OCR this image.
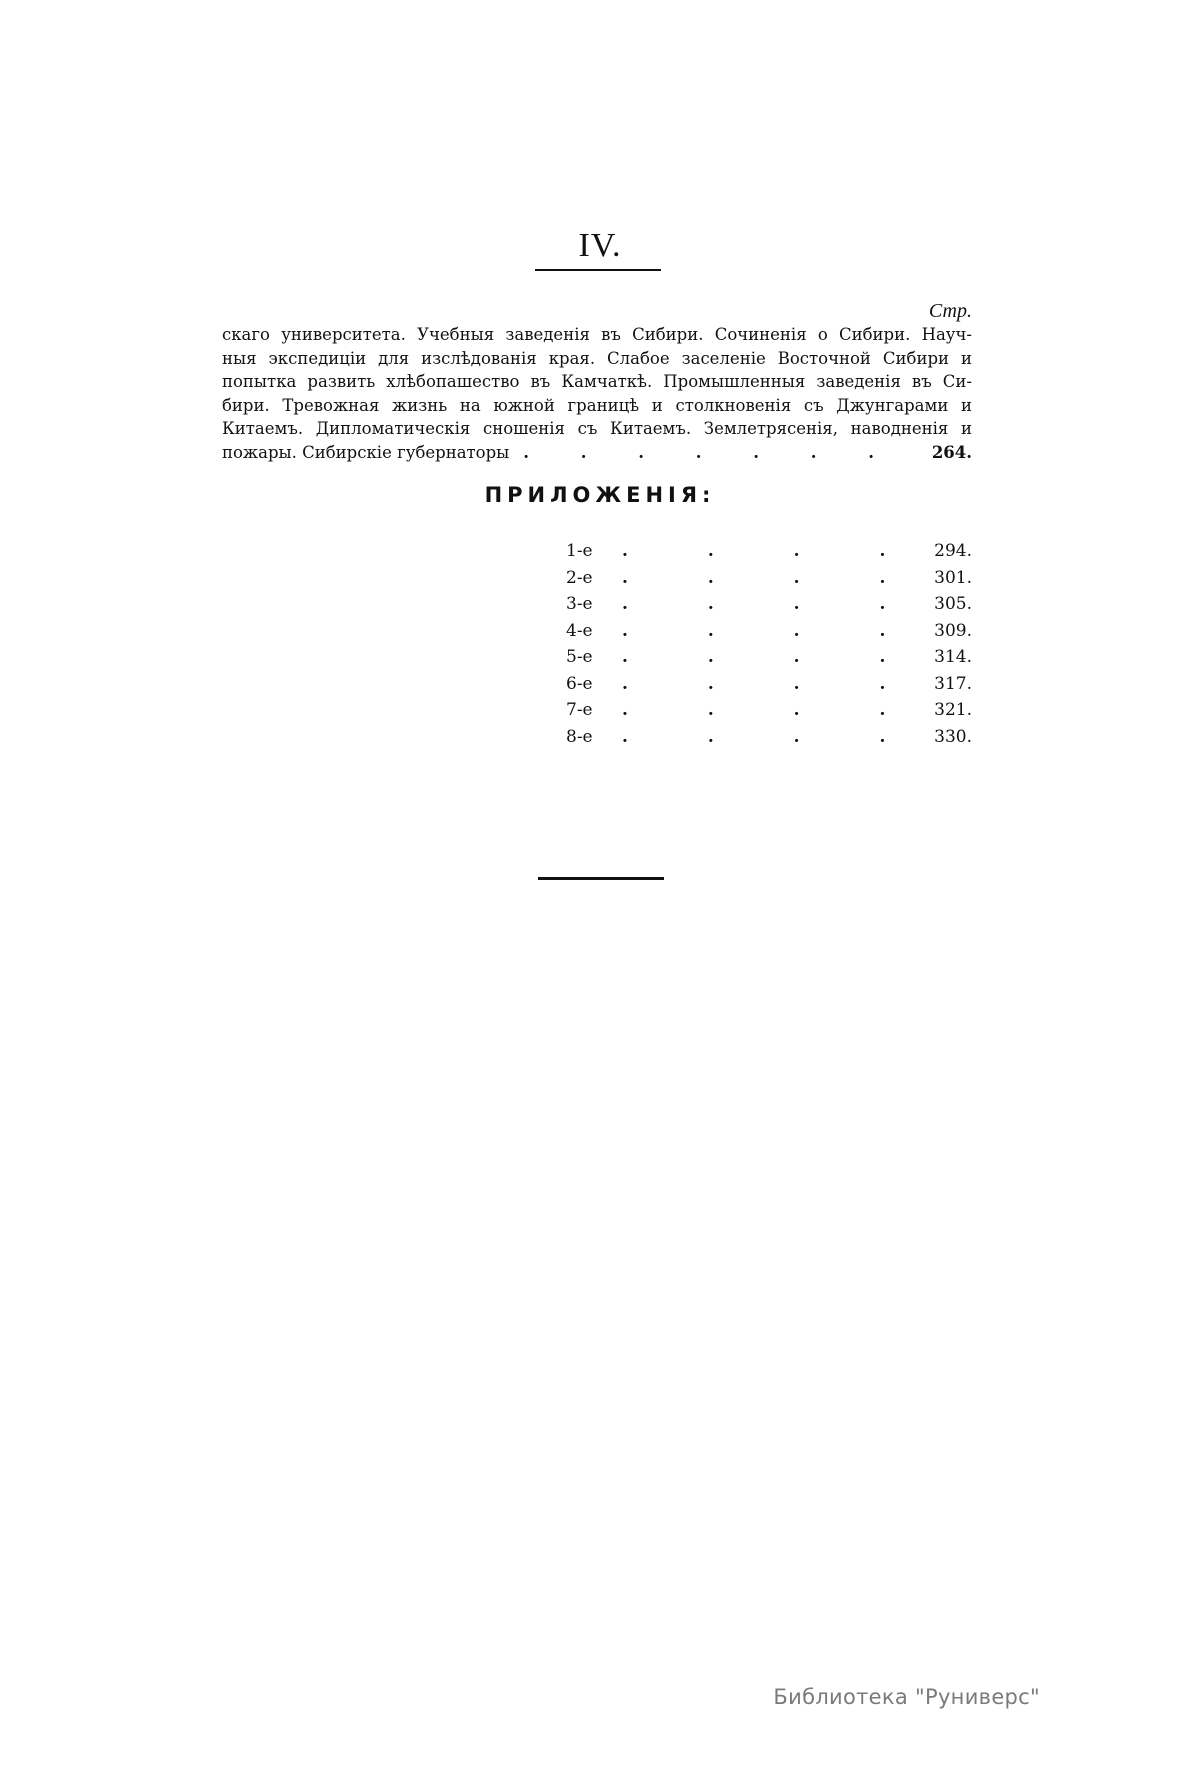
IV.
Стр.
скаго университета. Учебныя заведенія въ Сибири. Сочиненія о Сибири. Науч-
ныя экспедиціи для изслѣдованія края. Слабое заселеніе Восточной Сибири и
попытка развить хлѣбопашество въ Камчаткѣ. Промышленныя заведенія въ Си-
бири. Тревожная жизнь на южной границѣ и столкновенія съ Джунгарами и
Китаемъ. Дипломатическія сношенія съ Китаемъ. Землетрясенія, наводненія и
пожары. Сибирскіе губернаторы . . .	264.
ПРИЛОЖЕНІЯ:
1-е . . .	294.
2-е . . .	301.
3-е . . .	305.
4-е . . .	309.
5-е . . .	314.
6-е . . .	317.
7-е . . .	321.
8-е . . .	330.
Библиотека "Руниверс"
